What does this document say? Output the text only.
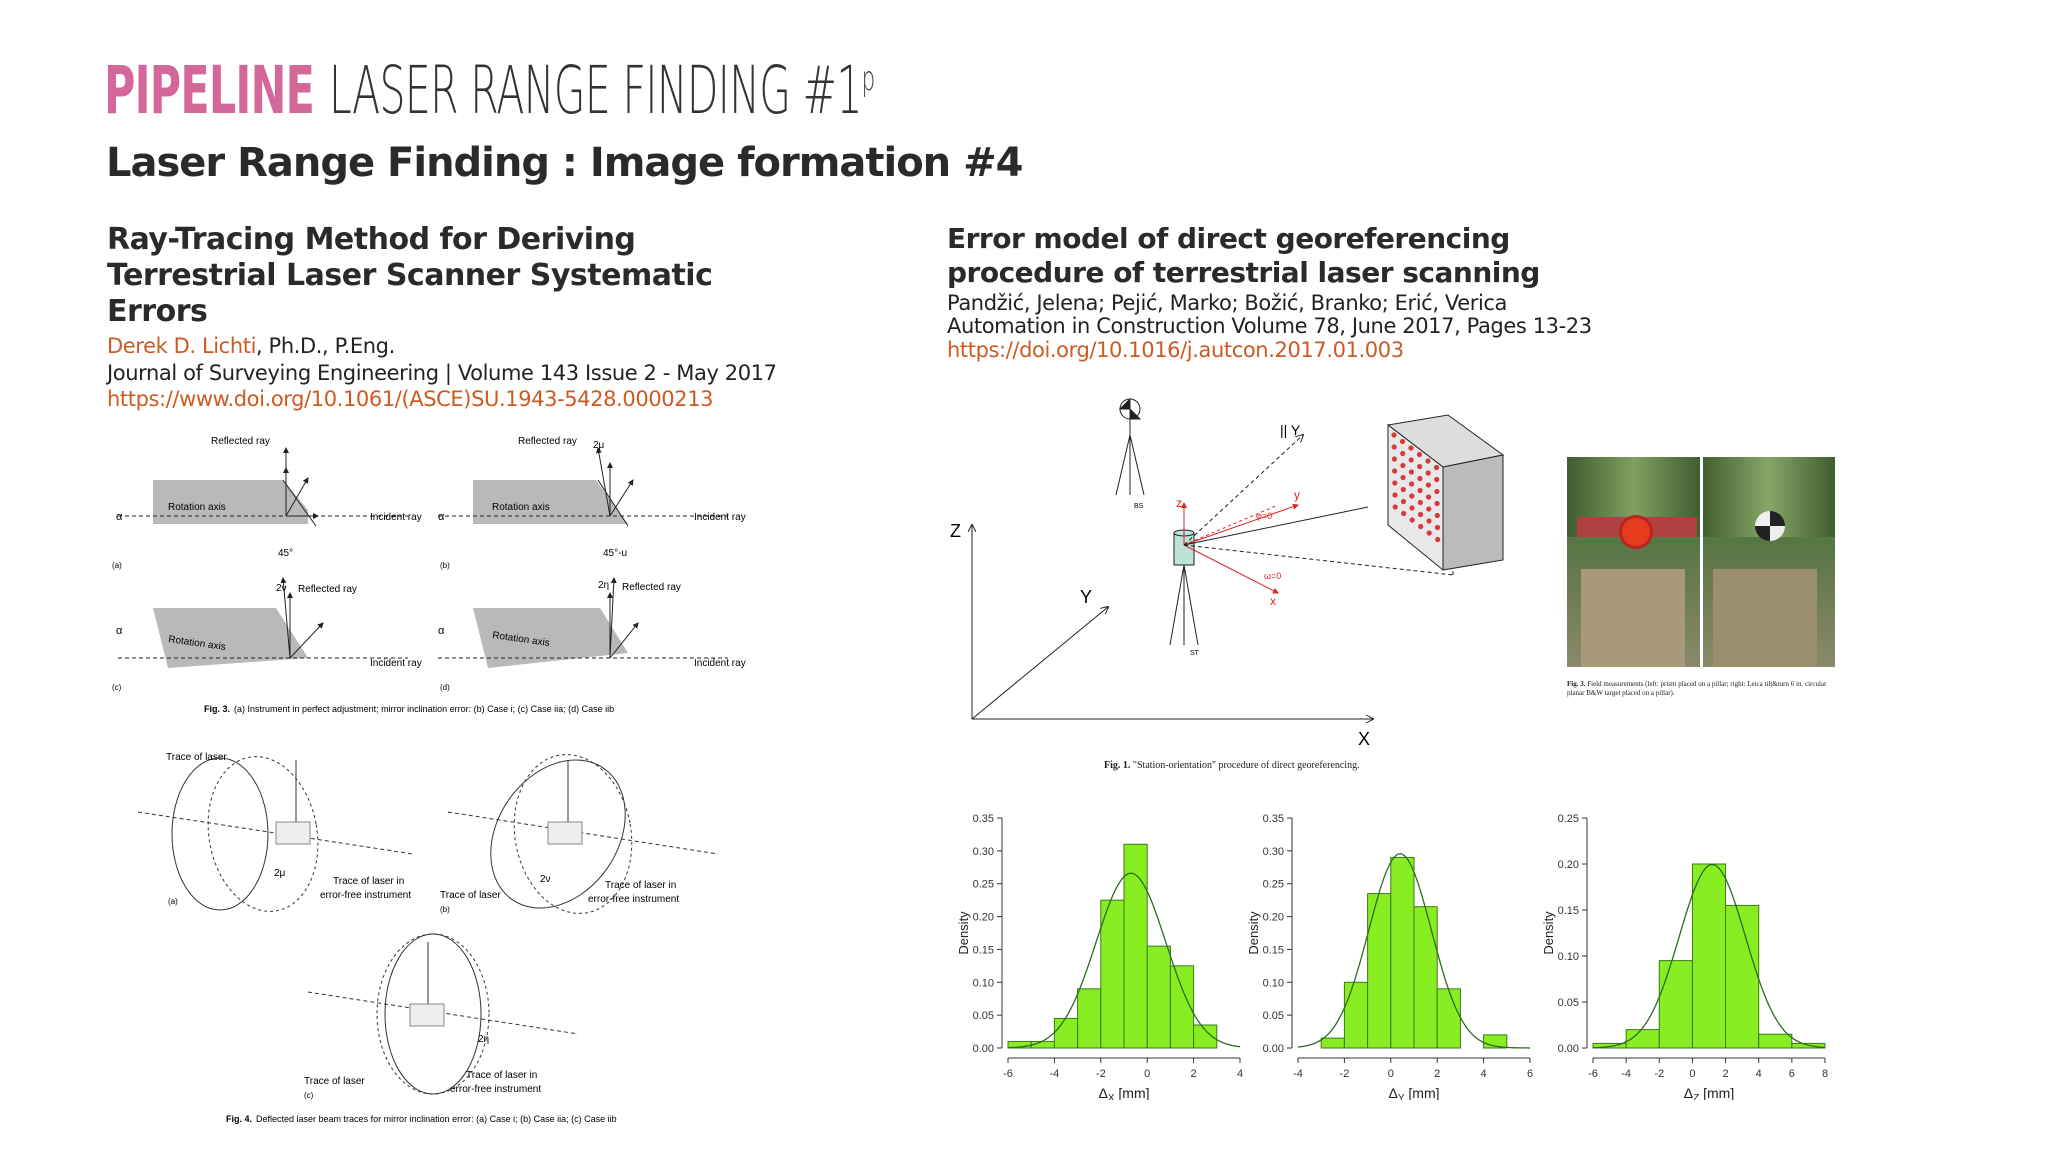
PIPELINE LASER RANGE FINDING #1$^p$
Laser Range Finding : Image formation #4
Ray-Tracing Method for Deriving
Terrestrial Laser Scanner Systematic
Errors
Derek D. Lichti, Ph.D., P.Eng.
Journal of Surveying Engineering | Volume 143 Issue 2 - May 2017
https://www.doi.org/10.1061/(ASCE)SU.1943-5428.0000213
Reflected ray
Rotation axis
Incident ray
45°
α
(a)
Reflected ray 2μ
Rotation axis
Incident ray
45°-u
α
(b)
Reflected ray
2ν
Rotation axis
Incident ray
α
(c)
Reflected ray
2η
Rotation axis
Incident ray
α
(d)
Fig. 3. (a) Instrument in perfect adjustment; mirror inclination error: (b) Case i; (c) Case iia; (d) Case iib
Trace of laser
Trace of laser in
error-free instrument
2μ
(a)
Trace of laser
Trace of laser in
error-free instrument
2ν
(b)
Trace of laser
Trace of laser in
error-free instrument
2η
(c)
Fig. 4. Deflected laser beam traces for mirror inclination error: (a) Case i; (b) Case iia; (c) Case iib
Error model of direct georeferencing
procedure of terrestrial laser scanning
Pandžić, Jelena; Pejić, Marko; Božić, Branko; Erić, Verica
Automation in Construction Volume 78, June 2017, Pages 13-23
https://doi.org/10.1016/j.autcon.2017.01.003
Z
X
Y
BS
ST
z
y
x
φ=0
ω=0
|| Y
Fig. 1. "Station-orientation" procedure of direct georeferencing.
Fig. 3. Field measurements (left: prism placed on a pillar; right: Leica tilt&turn 6 in. circular planar B&W target placed on a pillar).
0.00
0.05
0.10
0.15
0.20
0.25
0.30
0.35
-6	-4	-2	0	2	4
Density
$\Delta_X$ [mm]
0.00
0.05
0.10
0.15
0.20
0.25
0.30
0.35
-4	-2	0	2	4	6
Density
$\Delta_Y$ [mm]
0.00
0.05
0.10
0.15
0.20
0.25
-6 -4 -2 0 2 4 6 8
Density
$\Delta_Z$ [mm]
